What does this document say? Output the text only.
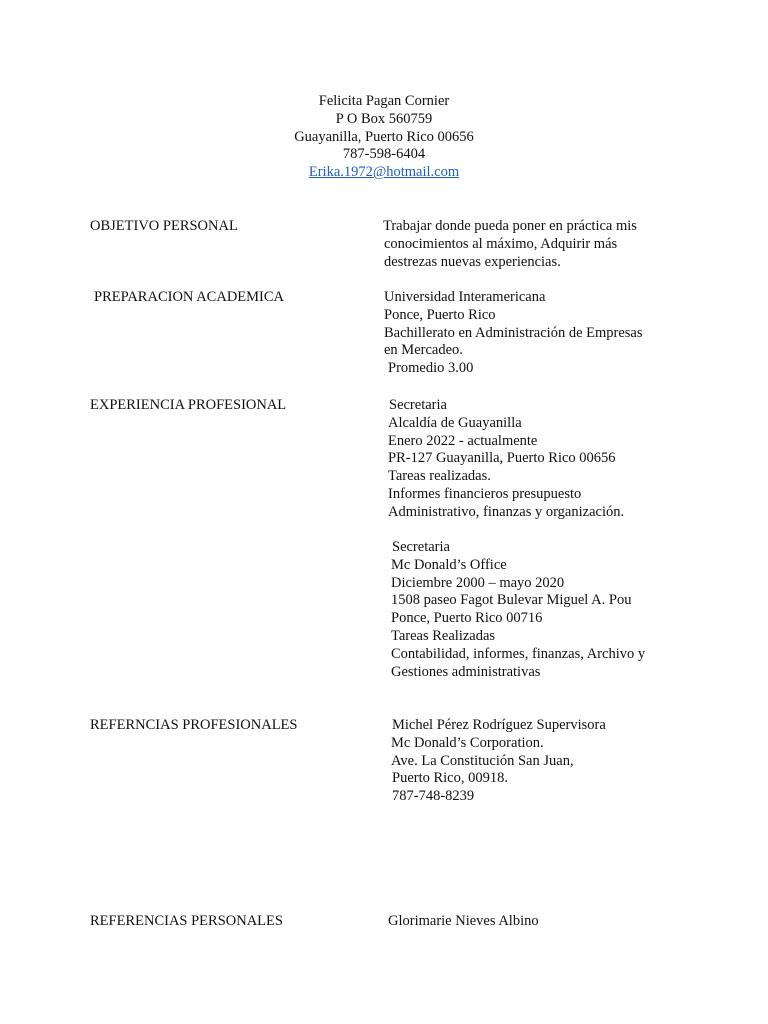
Felicita Pagan Cornier
P O Box 560759
Guayanilla, Puerto Rico 00656
787-598-6404
Erika.1972@hotmail.com
OBJETIVO PERSONAL	Trabajar donde pueda poner en práctica mis
conocimientos al máximo, Adquirir más
destrezas nuevas experiencias.
PREPARACION ACADEMICA	Universidad Interamericana
Ponce, Puerto Rico
Bachillerato en Administración de Empresas
en Mercadeo.
Promedio 3.00
EXPERIENCIA PROFESIONAL	Secretaria
Alcaldía de Guayanilla
Enero 2022 - actualmente
PR-127 Guayanilla, Puerto Rico 00656
Tareas realizadas.
Informes financieros presupuesto
Administrativo, finanzas y organización.
Secretaria
Mc Donald’s Office
Diciembre 2000 – mayo 2020
1508 paseo Fagot Bulevar Miguel A. Pou
Ponce, Puerto Rico 00716
Tareas Realizadas
Contabilidad, informes, finanzas, Archivo y
Gestiones administrativas
REFERNCIAS PROFESIONALES	Michel Pérez Rodríguez Supervisora
Mc Donald’s Corporation.
Ave. La Constitución San Juan,
Puerto Rico, 00918.
787-748-8239
REFERENCIAS PERSONALES	Glorimarie Nieves Albino
